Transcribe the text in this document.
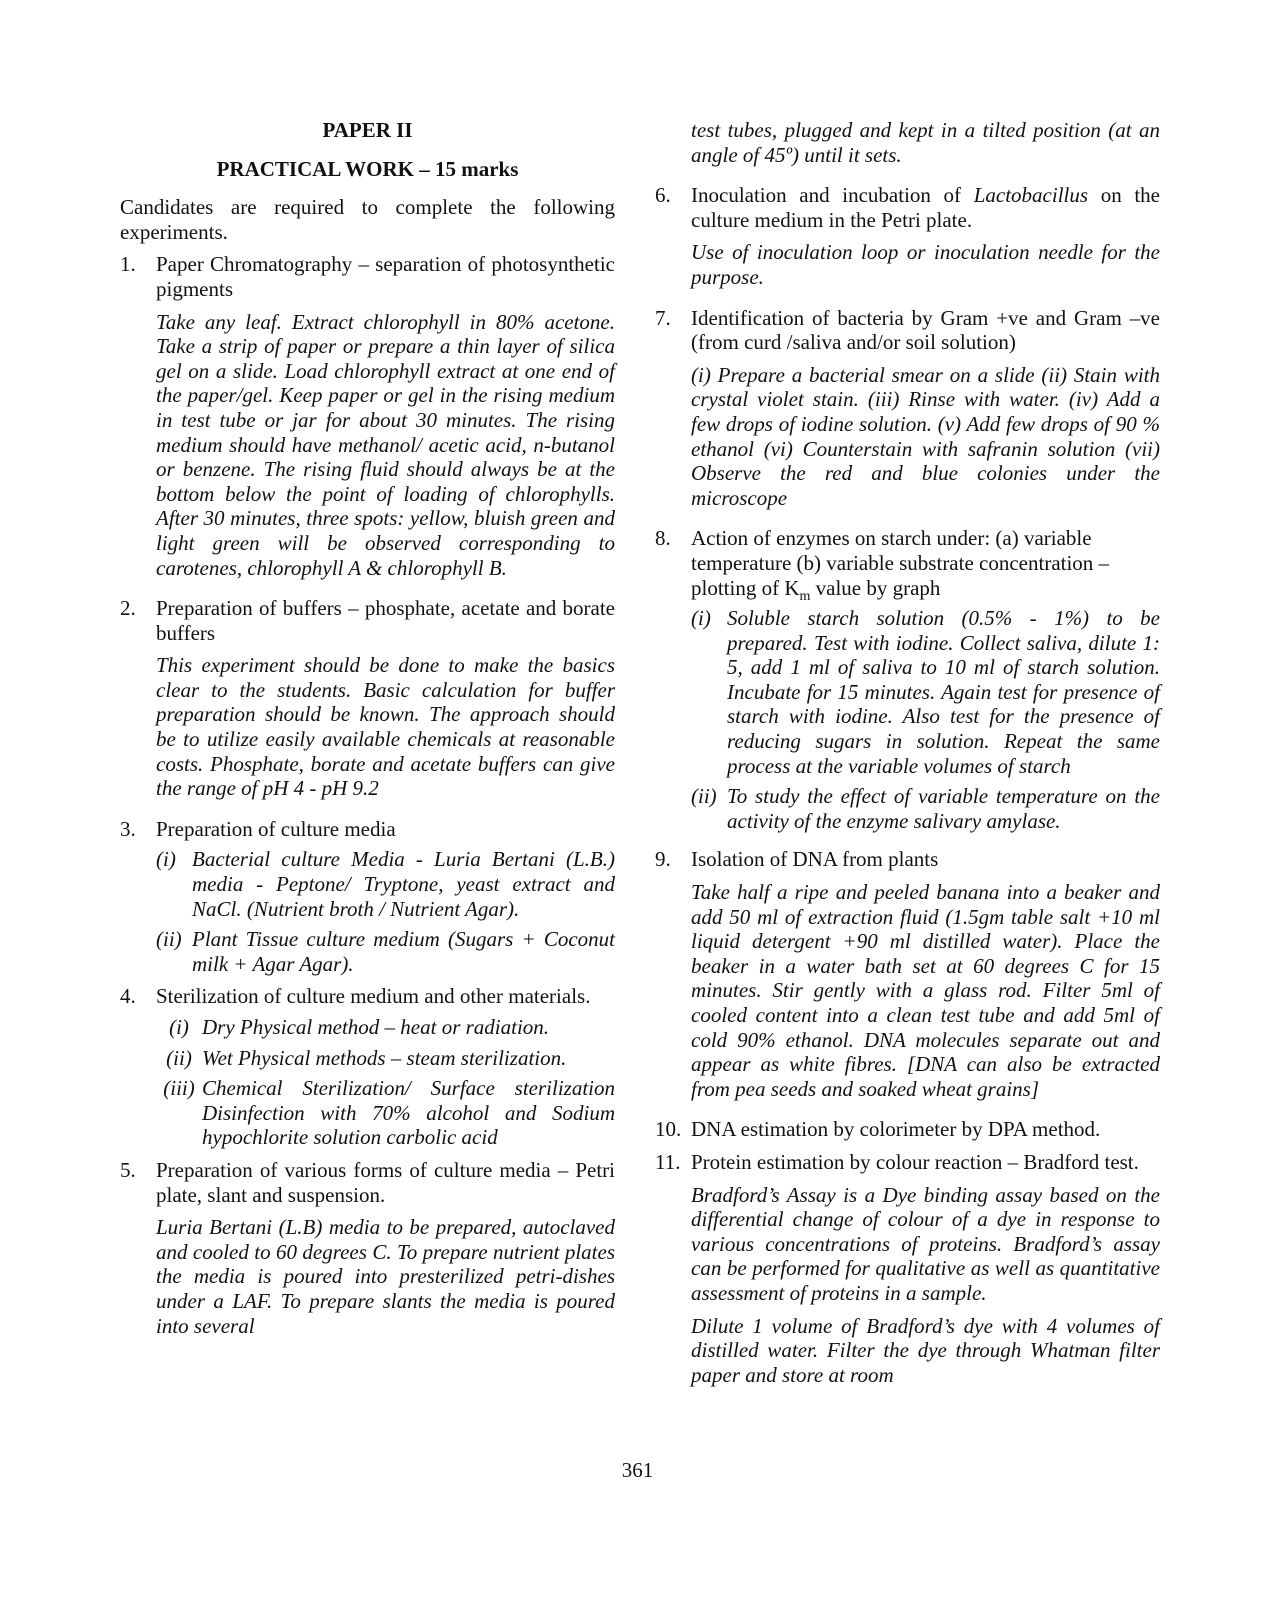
PAPER II

PRACTICAL WORK – 15 marks

Candidates are required to complete the following experiments.

1. Paper Chromatography – separation of photosynthetic pigments

Take any leaf. Extract chlorophyll in 80% acetone. Take a strip of paper or prepare a thin layer of silica gel on a slide. Load chlorophyll extract at one end of the paper/gel. Keep paper or gel in the rising medium in test tube or jar for about 30 minutes. The rising medium should have methanol/ acetic acid, n-butanol or benzene. The rising fluid should always be at the bottom below the point of loading of chlorophylls. After 30 minutes, three spots: yellow, bluish green and light green will be observed corresponding to carotenes, chlorophyll A & chlorophyll B.

2. Preparation of buffers – phosphate, acetate and borate buffers

This experiment should be done to make the basics clear to the students. Basic calculation for buffer preparation should be known. The approach should be to utilize easily available chemicals at reasonable costs. Phosphate, borate and acetate buffers can give the range of pH 4 - pH 9.2

3. Preparation of culture media

(i) Bacterial culture Media - Luria Bertani (L.B.) media - Peptone/ Tryptone, yeast extract and NaCl. (Nutrient broth / Nutrient Agar).
(ii) Plant Tissue culture medium (Sugars + Coconut milk + Agar Agar).
4. Sterilization of culture medium and other materials.

(i) Dry Physical method – heat or radiation.
(ii) Wet Physical methods – steam sterilization.
(iii) Chemical Sterilization/ Surface sterilization Disinfection with 70% alcohol and Sodium hypochlorite solution carbolic acid
5. Preparation of various forms of culture media – Petri plate, slant and suspension.

Luria Bertani (L.B) media to be prepared, autoclaved and cooled to 60 degrees C. To prepare nutrient plates the media is poured into presterilized petri-dishes under a LAF. To prepare slants the media is poured into several

test tubes, plugged and kept in a tilted position (at an angle of 45º) until it sets.

6. Inoculation and incubation of Lactobacillus on the culture medium in the Petri plate.

Use of inoculation loop or inoculation needle for the purpose.

7. Identification of bacteria by Gram +ve and Gram –ve (from curd /saliva and/or soil solution)

(i) Prepare a bacterial smear on a slide (ii) Stain with crystal violet stain. (iii) Rinse with water. (iv) Add a few drops of iodine solution. (v) Add few drops of 90 % ethanol (vi) Counterstain with safranin solution (vii) Observe the red and blue colonies under the microscope

8. Action of enzymes on starch under: (a) variable temperature (b) variable substrate concentration – plotting of $K_m$ value by graph

(i) Soluble starch solution (0.5% - 1%) to be prepared. Test with iodine. Collect saliva, dilute 1: 5, add 1 ml of saliva to 10 ml of starch solution. Incubate for 15 minutes. Again test for presence of starch with iodine. Also test for the presence of reducing sugars in solution. Repeat the same process at the variable volumes of starch
(ii) To study the effect of variable temperature on the activity of the enzyme salivary amylase.
9. Isolation of DNA from plants

Take half a ripe and peeled banana into a beaker and add 50 ml of extraction fluid (1.5gm table salt +10 ml liquid detergent +90 ml distilled water). Place the beaker in a water bath set at 60 degrees C for 15 minutes. Stir gently with a glass rod. Filter 5ml of cooled content into a clean test tube and add 5ml of cold 90% ethanol. DNA molecules separate out and appear as white fibres. [DNA can also be extracted from pea seeds and soaked wheat grains]

10. DNA estimation by colorimeter by DPA method.

11. Protein estimation by colour reaction – Bradford test.

Bradford’s Assay is a Dye binding assay based on the differential change of colour of a dye in response to various concentrations of proteins. Bradford’s assay can be performed for qualitative as well as quantitative assessment of proteins in a sample.

Dilute 1 volume of Bradford’s dye with 4 volumes of distilled water. Filter the dye through Whatman filter paper and store at room

361
